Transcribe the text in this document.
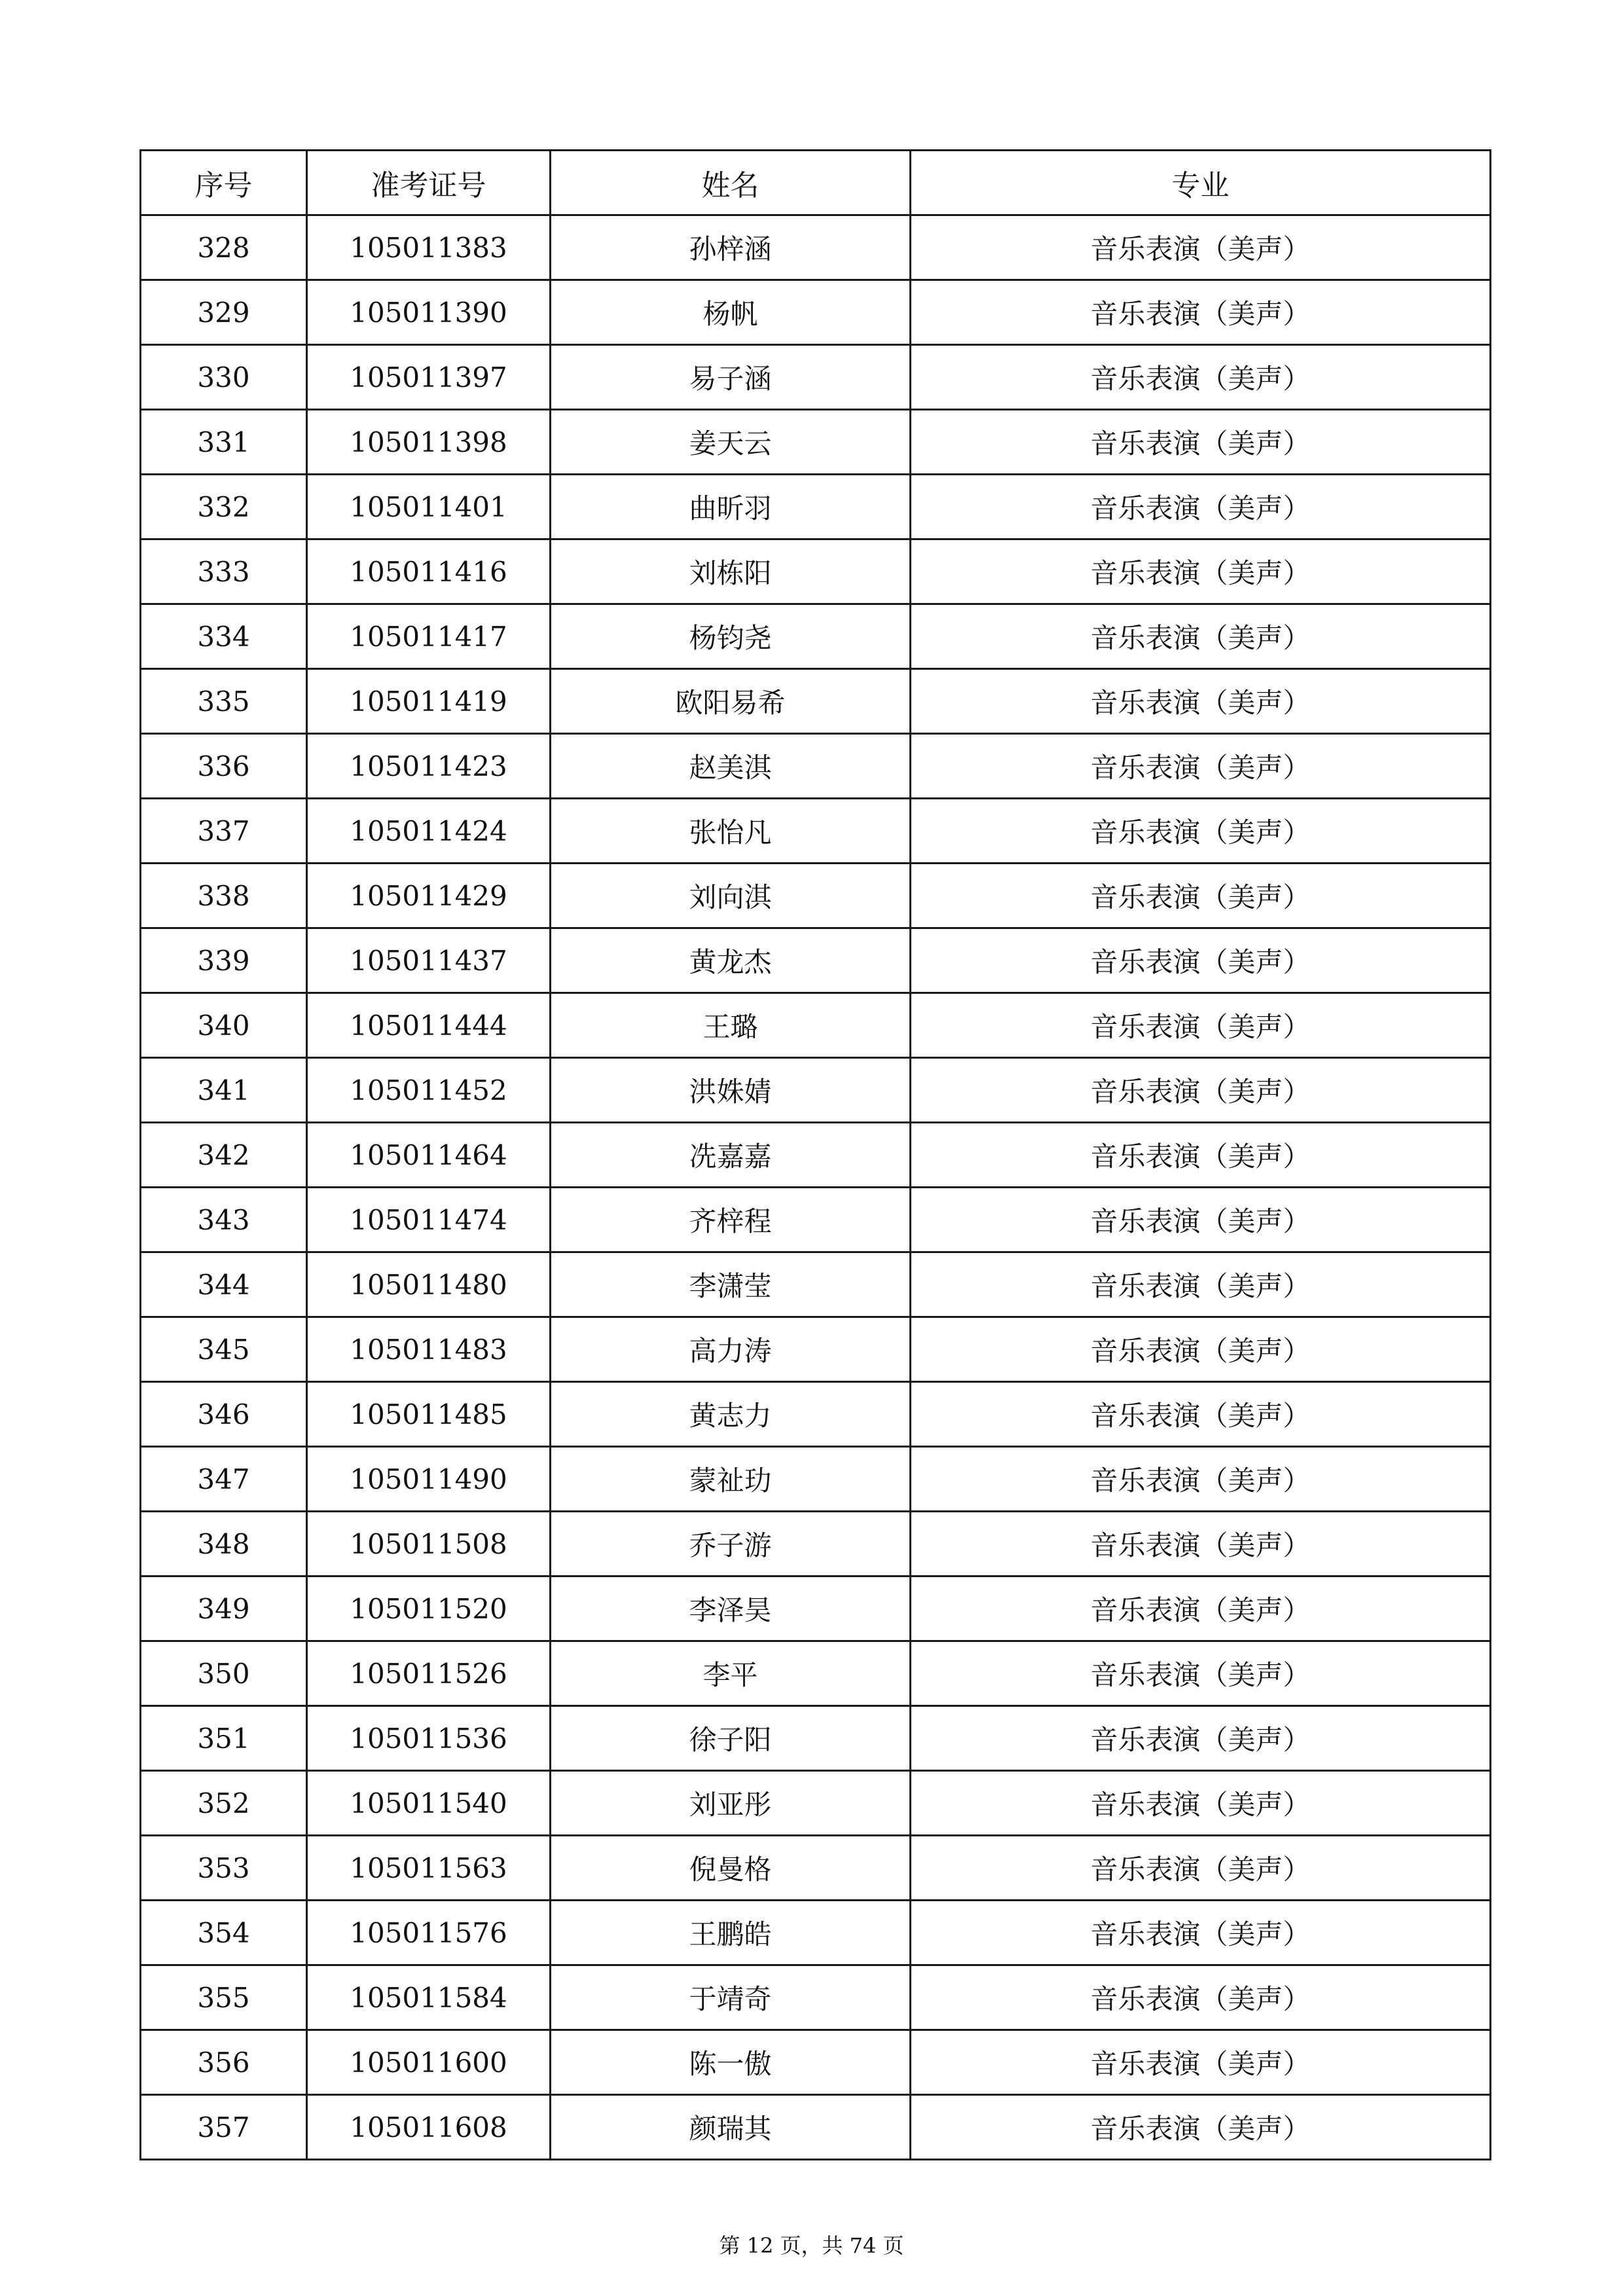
序号	准考证号	姓名	专业
328	105011383	孙梓涵	音乐表演（美声）
329	105011390	杨帆	音乐表演（美声）
330	105011397	易子涵	音乐表演（美声）
331	105011398	姜天云	音乐表演（美声）
332	105011401	曲昕羽	音乐表演（美声）
333	105011416	刘栋阳	音乐表演（美声）
334	105011417	杨钧尧	音乐表演（美声）
335	105011419	欧阳易希	音乐表演（美声）
336	105011423	赵美淇	音乐表演（美声）
337	105011424	张怡凡	音乐表演（美声）
338	105011429	刘向淇	音乐表演（美声）
339	105011437	黄龙杰	音乐表演（美声）
340	105011444	王璐	音乐表演（美声）
341	105011452	洪姝婧	音乐表演（美声）
342	105011464	冼嘉嘉	音乐表演（美声）
343	105011474	齐梓程	音乐表演（美声）
344	105011480	李潇莹	音乐表演（美声）
345	105011483	高力涛	音乐表演（美声）
346	105011485	黄志力	音乐表演（美声）
347	105011490	蒙祉玏	音乐表演（美声）
348	105011508	乔子游	音乐表演（美声）
349	105011520	李泽昊	音乐表演（美声）
350	105011526	李平	音乐表演（美声）
351	105011536	徐子阳	音乐表演（美声）
352	105011540	刘亚彤	音乐表演（美声）
353	105011563	倪曼格	音乐表演（美声）
354	105011576	王鹏皓	音乐表演（美声）
355	105011584	于靖奇	音乐表演（美声）
356	105011600	陈一傲	音乐表演（美声）
357	105011608	颜瑞其	音乐表演（美声）
第 12 页，共 74 页
